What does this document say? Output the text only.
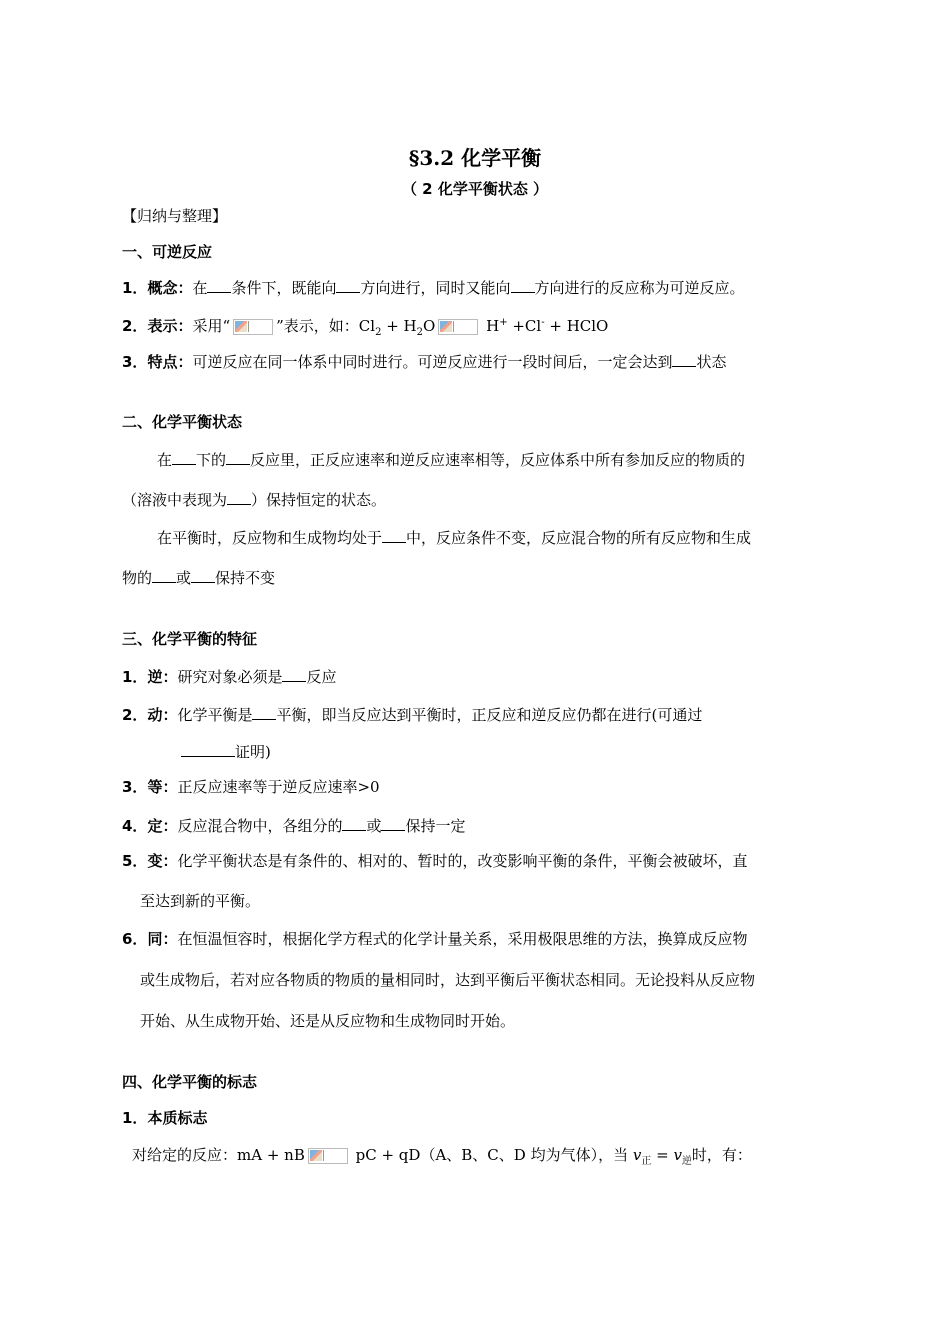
§3.2 化学平衡
（ 2 化学平衡状态 ）
【归纳与整理】
一、可逆反应
1．概念：在 条件下，既能向 方向进行，同时又能向 方向进行的反应称为可逆反应。
2．表示：采用“	”表示，如：$Cl_2 + H_2O$	H+ +Cl- + HClO
3．特点：可逆反应在同一体系中同时进行。可逆反应进行一段时间后，一定会达到 状态
二、化学平衡状态
在 下的 反应里，正反应速率和逆反应速率相等，反应体系中所有参加反应的物质的
（溶液中表现为 ）保持恒定的状态。
在平衡时，反应物和生成物均处于 中，反应条件不变，反应混合物的所有反应物和生成
物的 或 保持不变
三、化学平衡的特征
1．逆：研究对象必须是 反应
2．动：化学平衡是 平衡，即当反应达到平衡时，正反应和逆反应仍都在进行(可通过
证明)
3．等：正反应速率等于逆反应速率>0
4．定：反应混合物中，各组分的 或 保持一定
5．变：化学平衡状态是有条件的、相对的、暂时的，改变影响平衡的条件，平衡会被破坏，直
至达到新的平衡。
6．同：在恒温恒容时，根据化学方程式的化学计量关系，采用极限思维的方法，换算成反应物
或生成物后，若对应各物质的物质的量相同时，达到平衡后平衡状态相同。无论投料从反应物
开始、从生成物开始、还是从反应物和生成物同时开始。
四、化学平衡的标志
1．本质标志
对给定的反应：mA + nB	pC + qD（A、B、C、D 均为气体），当 $v_正 = v_逆$时，有：
